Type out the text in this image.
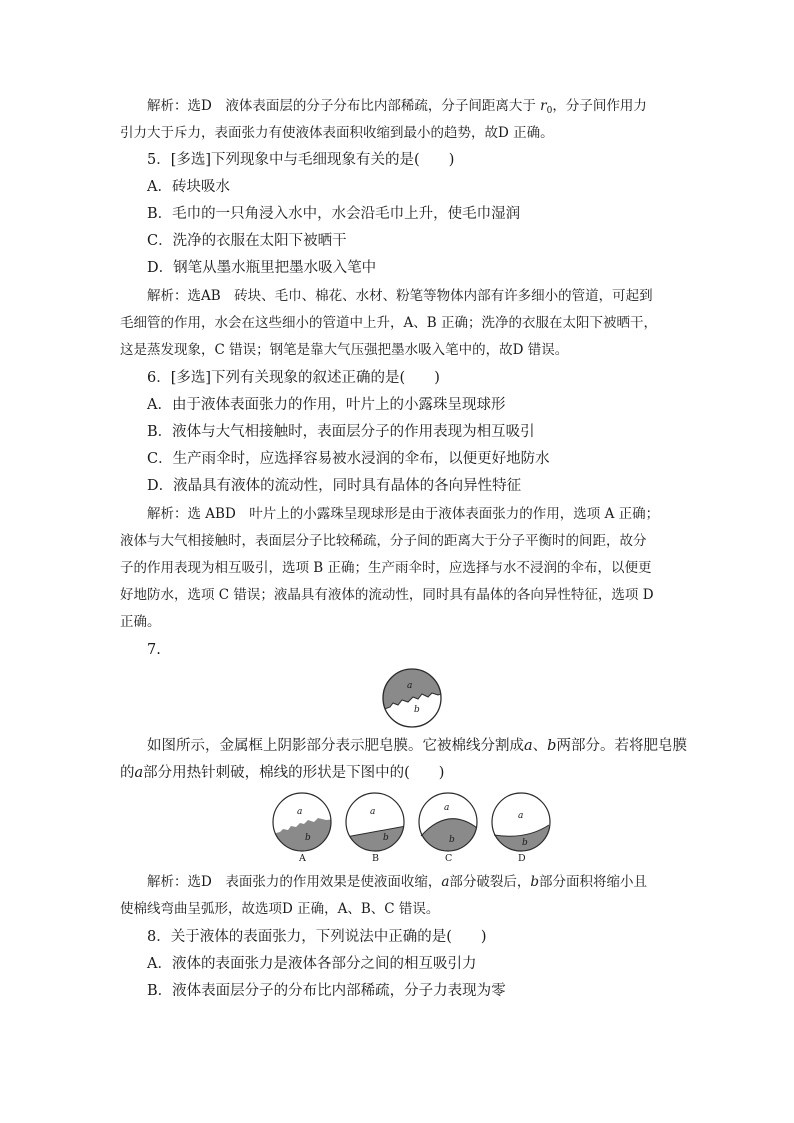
解析：选D　液体表面层的分子分布比内部稀疏，分子间距离大于 $r_0$，分子间作用力
引力大于斥力，表面张力有使液体表面积收缩到最小的趋势，故D 正确。
5．[多选]下列现象中与毛细现象有关的是(　　)
A．砖块吸水
B．毛巾的一只角浸入水中，水会沿毛巾上升，使毛巾湿润
C．洗净的衣服在太阳下被晒干
D．钢笔从墨水瓶里把墨水吸入笔中
解析：选AB　砖块、毛巾、棉花、水材、粉笔等物体内部有许多细小的管道，可起到
毛细管的作用，水会在这些细小的管道中上升，A、B 正确；洗净的衣服在太阳下被晒干，
这是蒸发现象，C 错误；钢笔是靠大气压强把墨水吸入笔中的，故D 错误。
6．[多选]下列有关现象的叙述正确的是(　　)
A．由于液体表面张力的作用，叶片上的小露珠呈现球形
B．液体与大气相接触时，表面层分子的作用表现为相互吸引
C．生产雨伞时，应选择容易被水浸润的伞布，以便更好地防水
D．液晶具有液体的流动性，同时具有晶体的各向异性特征
解析：选 ABD　叶片上的小露珠呈现球形是由于液体表面张力的作用，选项 A 正确；
液体与大气相接触时，表面层分子比较稀疏，分子间的距离大于分子平衡时的间距，故分
子的作用表现为相互吸引，选项 B 正确；生产雨伞时，应选择与水不浸润的伞布，以便更
好地防水，选项 C 错误；液晶具有液体的流动性，同时具有晶体的各向异性特征，选项 D
正确。
7.
a
b
如图所示，金属框上阴影部分表示肥皂膜。它被棉线分割成a、b两部分。若将肥皂膜
的a部分用热针刺破，棉线的形状是下图中的(　　)
a
b
A
a
b
B
a
b
C
a
b
D
解析：选D　表面张力的作用效果是使液面收缩，a部分破裂后，b部分面积将缩小且
使棉线弯曲呈弧形，故选项D 正确，A、B、C 错误。
8．关于液体的表面张力，下列说法中正确的是(　　)
A．液体的表面张力是液体各部分之间的相互吸引力
B．液体表面层分子的分布比内部稀疏，分子力表现为零
